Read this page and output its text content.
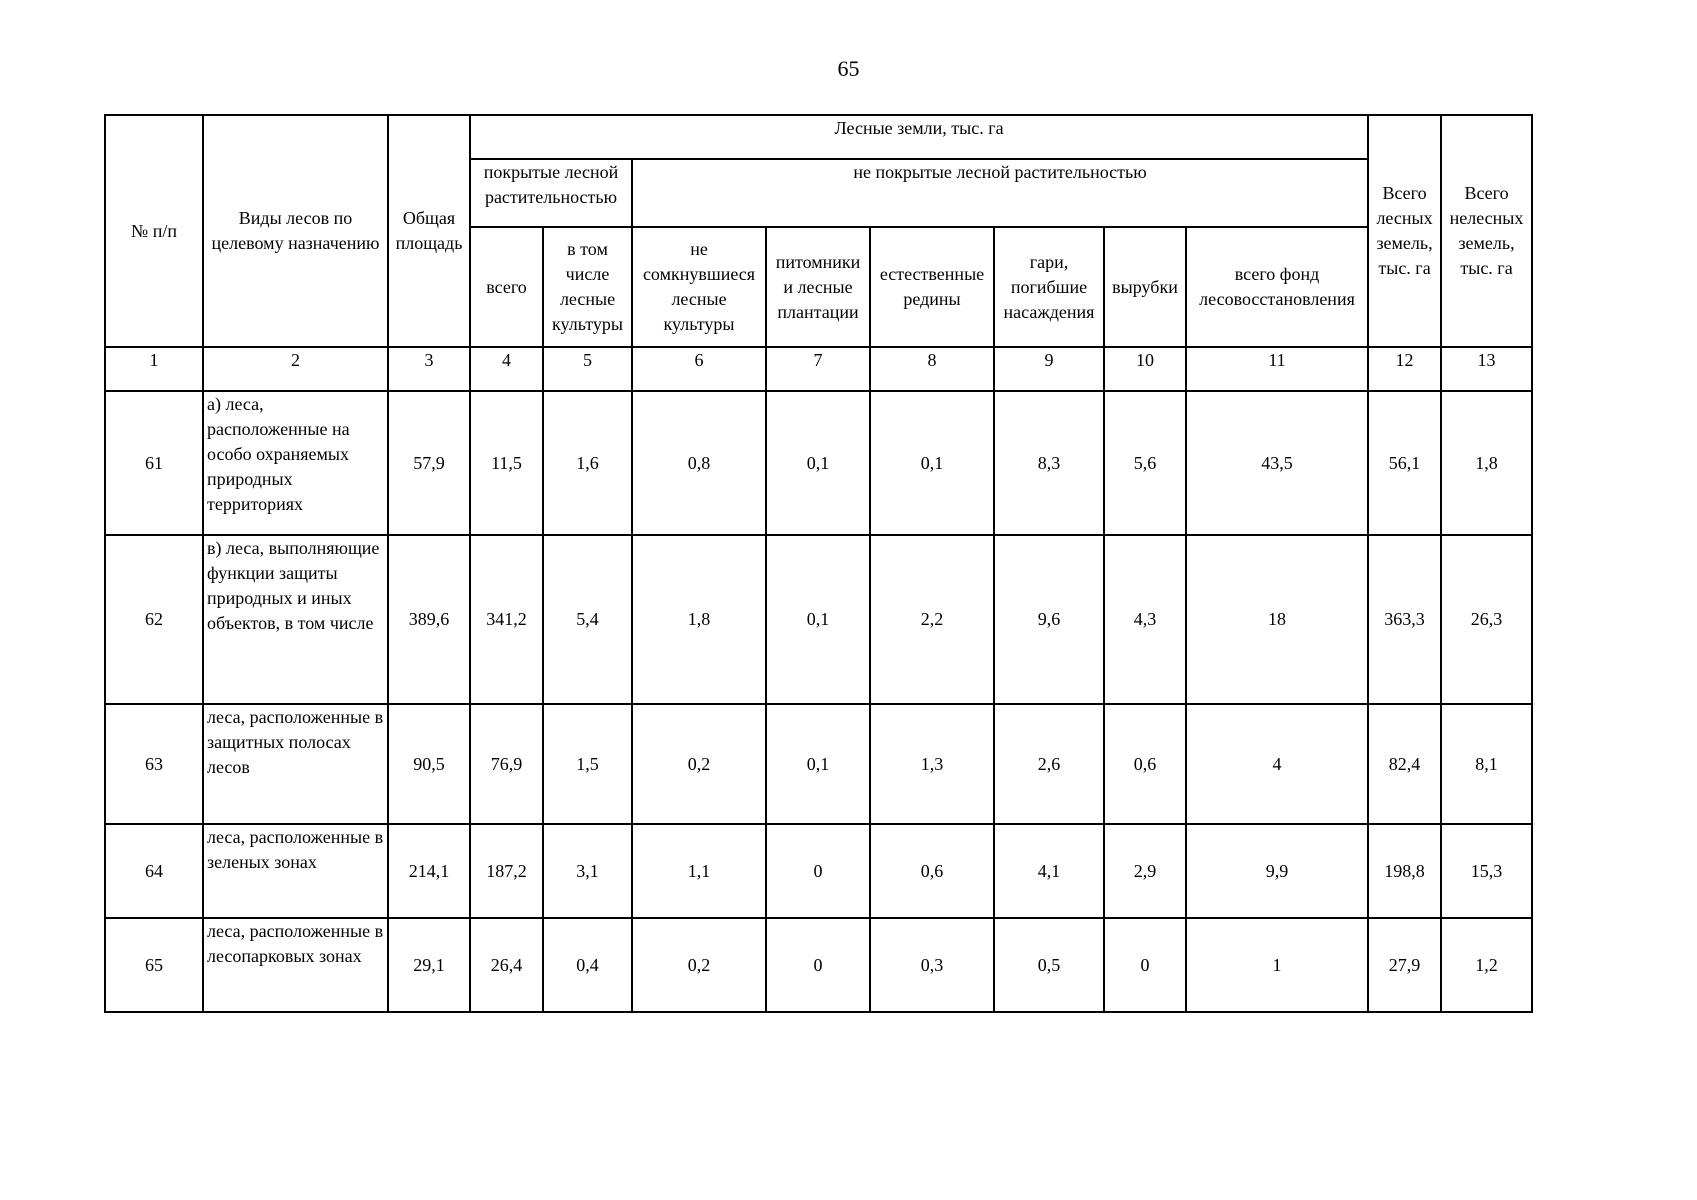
65
№ п/п	Виды лесов по целевому назначению	Общая площадь	Лесные земли, тыс. га								Всего лесных земель, тыс. га	Всего нелесных земель, тыс. га
			покрытые лесной растительностью		не покрытые лесной растительностью							
			всего	в том числе лесные культуры	не сомкнувшиеся лесные культуры	питомники и лесные плантации	естественные редины	гари, погибшие насаждения	вырубки	всего фонд лесовосстановления		
1	2	3	4	5	6	7	8	9	10	11	12	13
61	а) леса, расположенные на особо охраняемых природных территориях	57,9	11,5	1,6	0,8	0,1	0,1	8,3	5,6	43,5	56,1	1,8
62	в) леса, выполняющие функции защиты природных и иных объектов, в том числе	389,6	341,2	5,4	1,8	0,1	2,2	9,6	4,3	18	363,3	26,3
63	леса, расположенные в защитных полосах лесов	90,5	76,9	1,5	0,2	0,1	1,3	2,6	0,6	4	82,4	8,1
64	леса, расположенные в зеленых зонах	214,1	187,2	3,1	1,1	0	0,6	4,1	2,9	9,9	198,8	15,3
65	леса, расположенные в лесопарковых зонах	29,1	26,4	0,4	0,2	0	0,3	0,5	0	1	27,9	1,2
